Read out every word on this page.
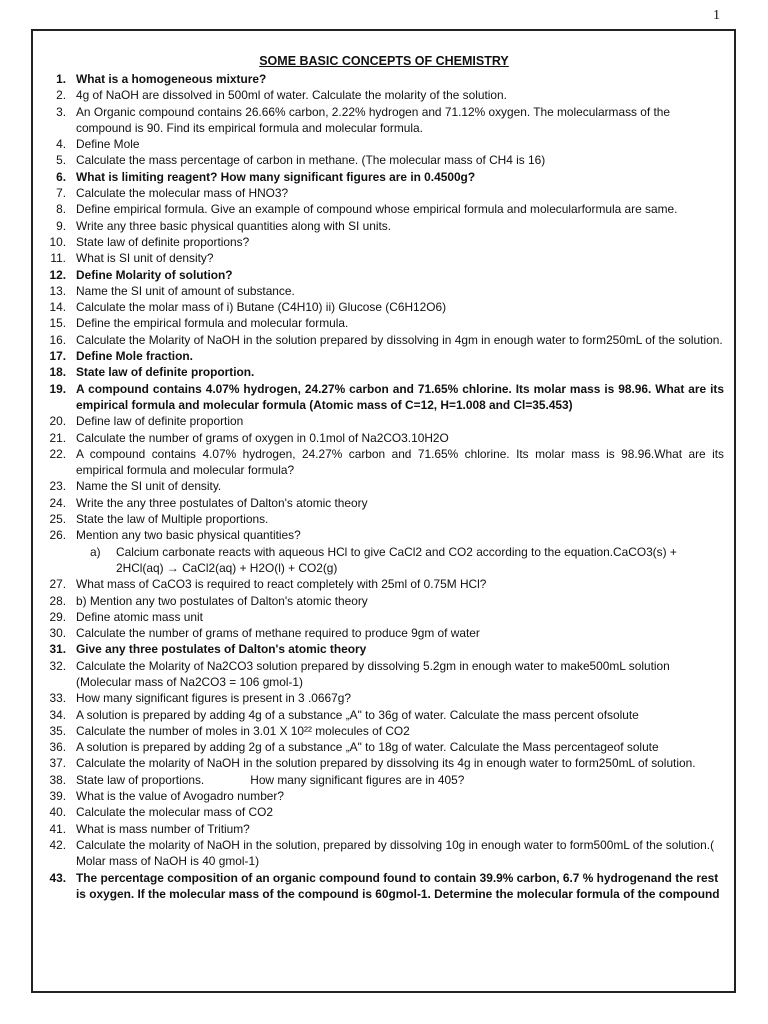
1
SOME BASIC CONCEPTS OF CHEMISTRY
1. What is a homogeneous mixture?
2. 4g of NaOH are dissolved in 500ml of water. Calculate the molarity of the solution.
3. An Organic compound contains 26.66% carbon, 2.22% hydrogen and 71.12% oxygen. The molecularmass of the compound is 90. Find its empirical formula and molecular formula.
4. Define Mole
5. Calculate the mass percentage of carbon in methane. (The molecular mass of CH4 is 16)
6. What is limiting reagent? How many significant figures are in 0.4500g?
7. Calculate the molecular mass of HNO3?
8. Define empirical formula. Give an example of compound whose empirical formula and molecularformula are same.
9. Write any three basic physical quantities along with SI units.
10. State law of definite proportions?
11. What is SI unit of density?
12. Define Molarity of solution?
13. Name the SI unit of amount of substance.
14. Calculate the molar mass of i) Butane (C4H10) ii) Glucose (C6H12O6)
15. Define the empirical formula and molecular formula.
16. Calculate the Molarity of NaOH in the solution prepared by dissolving in 4gm in enough water to form250mL of the solution.
17. Define Mole fraction.
18. State law of definite proportion.
19. A compound contains 4.07% hydrogen, 24.27% carbon and 71.65% chlorine. Its molar mass is 98.96. What are its empirical formula and molecular formula (Atomic mass of C=12, H=1.008 and Cl=35.453)
20. Define law of definite proportion
21. Calculate the number of grams of oxygen in 0.1mol of Na2CO3.10H2O
22. A compound contains 4.07% hydrogen, 24.27% carbon and 71.65% chlorine. Its molar mass is 98.96.What are its empirical formula and molecular formula?
23. Name the SI unit of density.
24. Write the any three postulates of Dalton's atomic theory
25. State the law of Multiple proportions.
26. Mention any two basic physical quantities?
a) Calcium carbonate reacts with aqueous HCl to give CaCl2 and CO2 according to the equation.CaCO3(s) +
2HCl(aq) → CaCl2(aq) + H2O(l) + CO2(g)
27. What mass of CaCO3 is required to react completely with 25ml of 0.75M HCl?
28. b) Mention any two postulates of Dalton's atomic theory
29. Define atomic mass unit
30. Calculate the number of grams of methane required to produce 9gm of water
31. Give any three postulates of Dalton's atomic theory
32. Calculate the Molarity of Na2CO3 solution prepared by dissolving 5.2gm in enough water to make500mL solution (Molecular mass of Na2CO3 = 106 gmol-1)
33. How many significant figures is present in 3 .0667g?
34. A solution is prepared by adding 4g of a substance „A" to 36g of water. Calculate the mass percent ofsolute
35. Calculate the number of moles in 3.01 X 10²² molecules of CO2
36. A solution is prepared by adding 2g of a substance „A" to 18g of water. Calculate the Mass percentageof solute
37. Calculate the molarity of NaOH in the solution prepared by dissolving its 4g in enough water to form250mL of solution.
38. State law of proportions.	How many significant figures are in 405?
39. What is the value of Avogadro number?
40. Calculate the molecular mass of CO2
41. What is mass number of Tritium?
42. Calculate the molarity of NaOH in the solution, prepared by dissolving 10g in enough water to form500mL of the solution.( Molar mass of NaOH is 40 gmol-1)
43. The percentage composition of an organic compound found to contain 39.9% carbon, 6.7 % hydrogenand the rest is oxygen. If the molecular mass of the compound is 60gmol-1. Determine the molecular formula of the compound
